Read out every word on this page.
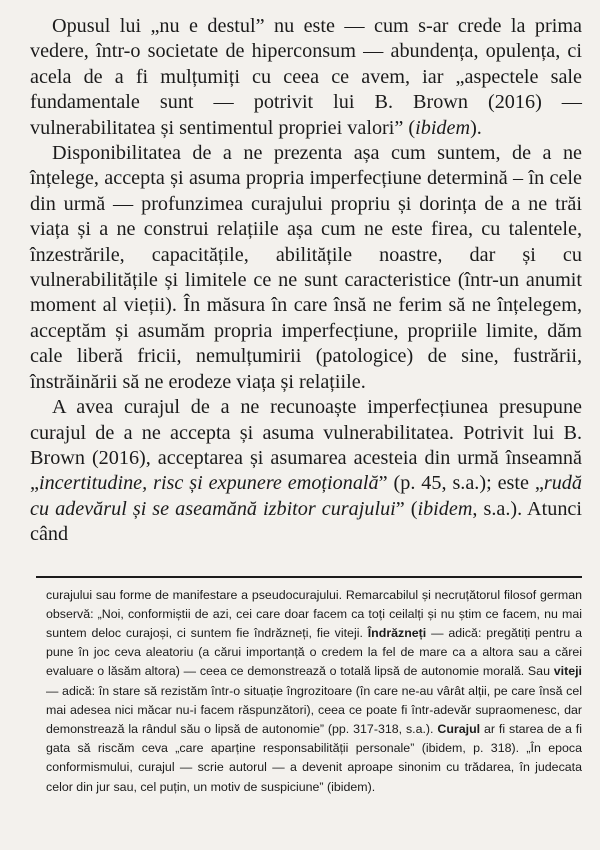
Opusul lui „nu e destul” nu este — cum s-ar crede la prima vedere, într-o societate de hiperconsum — abundența, opulența, ci acela de a fi mulțumiți cu ceea ce avem, iar „aspectele sale fundamentale sunt — potrivit lui B. Brown (2016) — vulnerabilitatea și sentimentul propriei valori” (ibidem).

Disponibilitatea de a ne prezenta așa cum suntem, de a ne înțelege, accepta și asuma propria imperfecțiune determină – în cele din urmă — profunzimea curajului propriu și dorința de a ne trăi viața și a ne construi relațiile așa cum ne este firea, cu talentele, înzestrările, capacitățile, abilitățile noastre, dar și cu vulnerabilitățile și limitele ce ne sunt caracteristice (într-un anumit moment al vieții). În măsura în care însă ne ferim să ne înțelegem, acceptăm și asumăm propria imperfecțiune, propriile limite, dăm cale liberă fricii, nemulțumirii (patologice) de sine, fustrării, înstrăinării să ne erodeze viața și relațiile.

A avea curajul de a ne recunoaște imperfecțiunea presupune curajul de a ne accepta și asuma vulnerabilitatea. Potrivit lui B. Brown (2016), acceptarea și asumarea acesteia din urmă înseamnă „incertitudine, risc și expunere emoțională” (p. 45, s.a.); este „rudă cu adevărul și se aseamănă izbitor curajului” (ibidem, s.a.). Atunci când

curajului sau forme de manifestare a pseudocurajului. Remarcabilul și necruțătorul filosof german observă: „Noi, conformiștii de azi, cei care doar facem ca toți ceilalți și nu știm ce facem, nu mai suntem deloc curajoși, ci suntem fie îndrăzneți, fie viteji. Îndrăzneți — adică: pregătiți pentru a pune în joc ceva aleatoriu (a cărui importanță o credem la fel de mare ca a altora sau a cărei evaluare o lăsăm altora) — ceea ce demonstrează o totală lipsă de autonomie morală. Sau viteji — adică: în stare să rezistăm într-o situație îngrozitoare (în care ne-au vârât alții, pe care însă cel mai adesea nici măcar nu-i facem răspunzători), ceea ce poate fi într-adevăr supraomenesc, dar demonstrează la rândul său o lipsă de autonomie” (pp. 317-318, s.a.). Curajul ar fi starea de a fi gata să riscăm ceva „care aparține responsabilității personale” (ibidem, p. 318). „În epoca conformismului, curajul — scrie autorul — a devenit aproape sinonim cu trădarea, în judecata celor din jur sau, cel puțin, un motiv de suspiciune” (ibidem).
